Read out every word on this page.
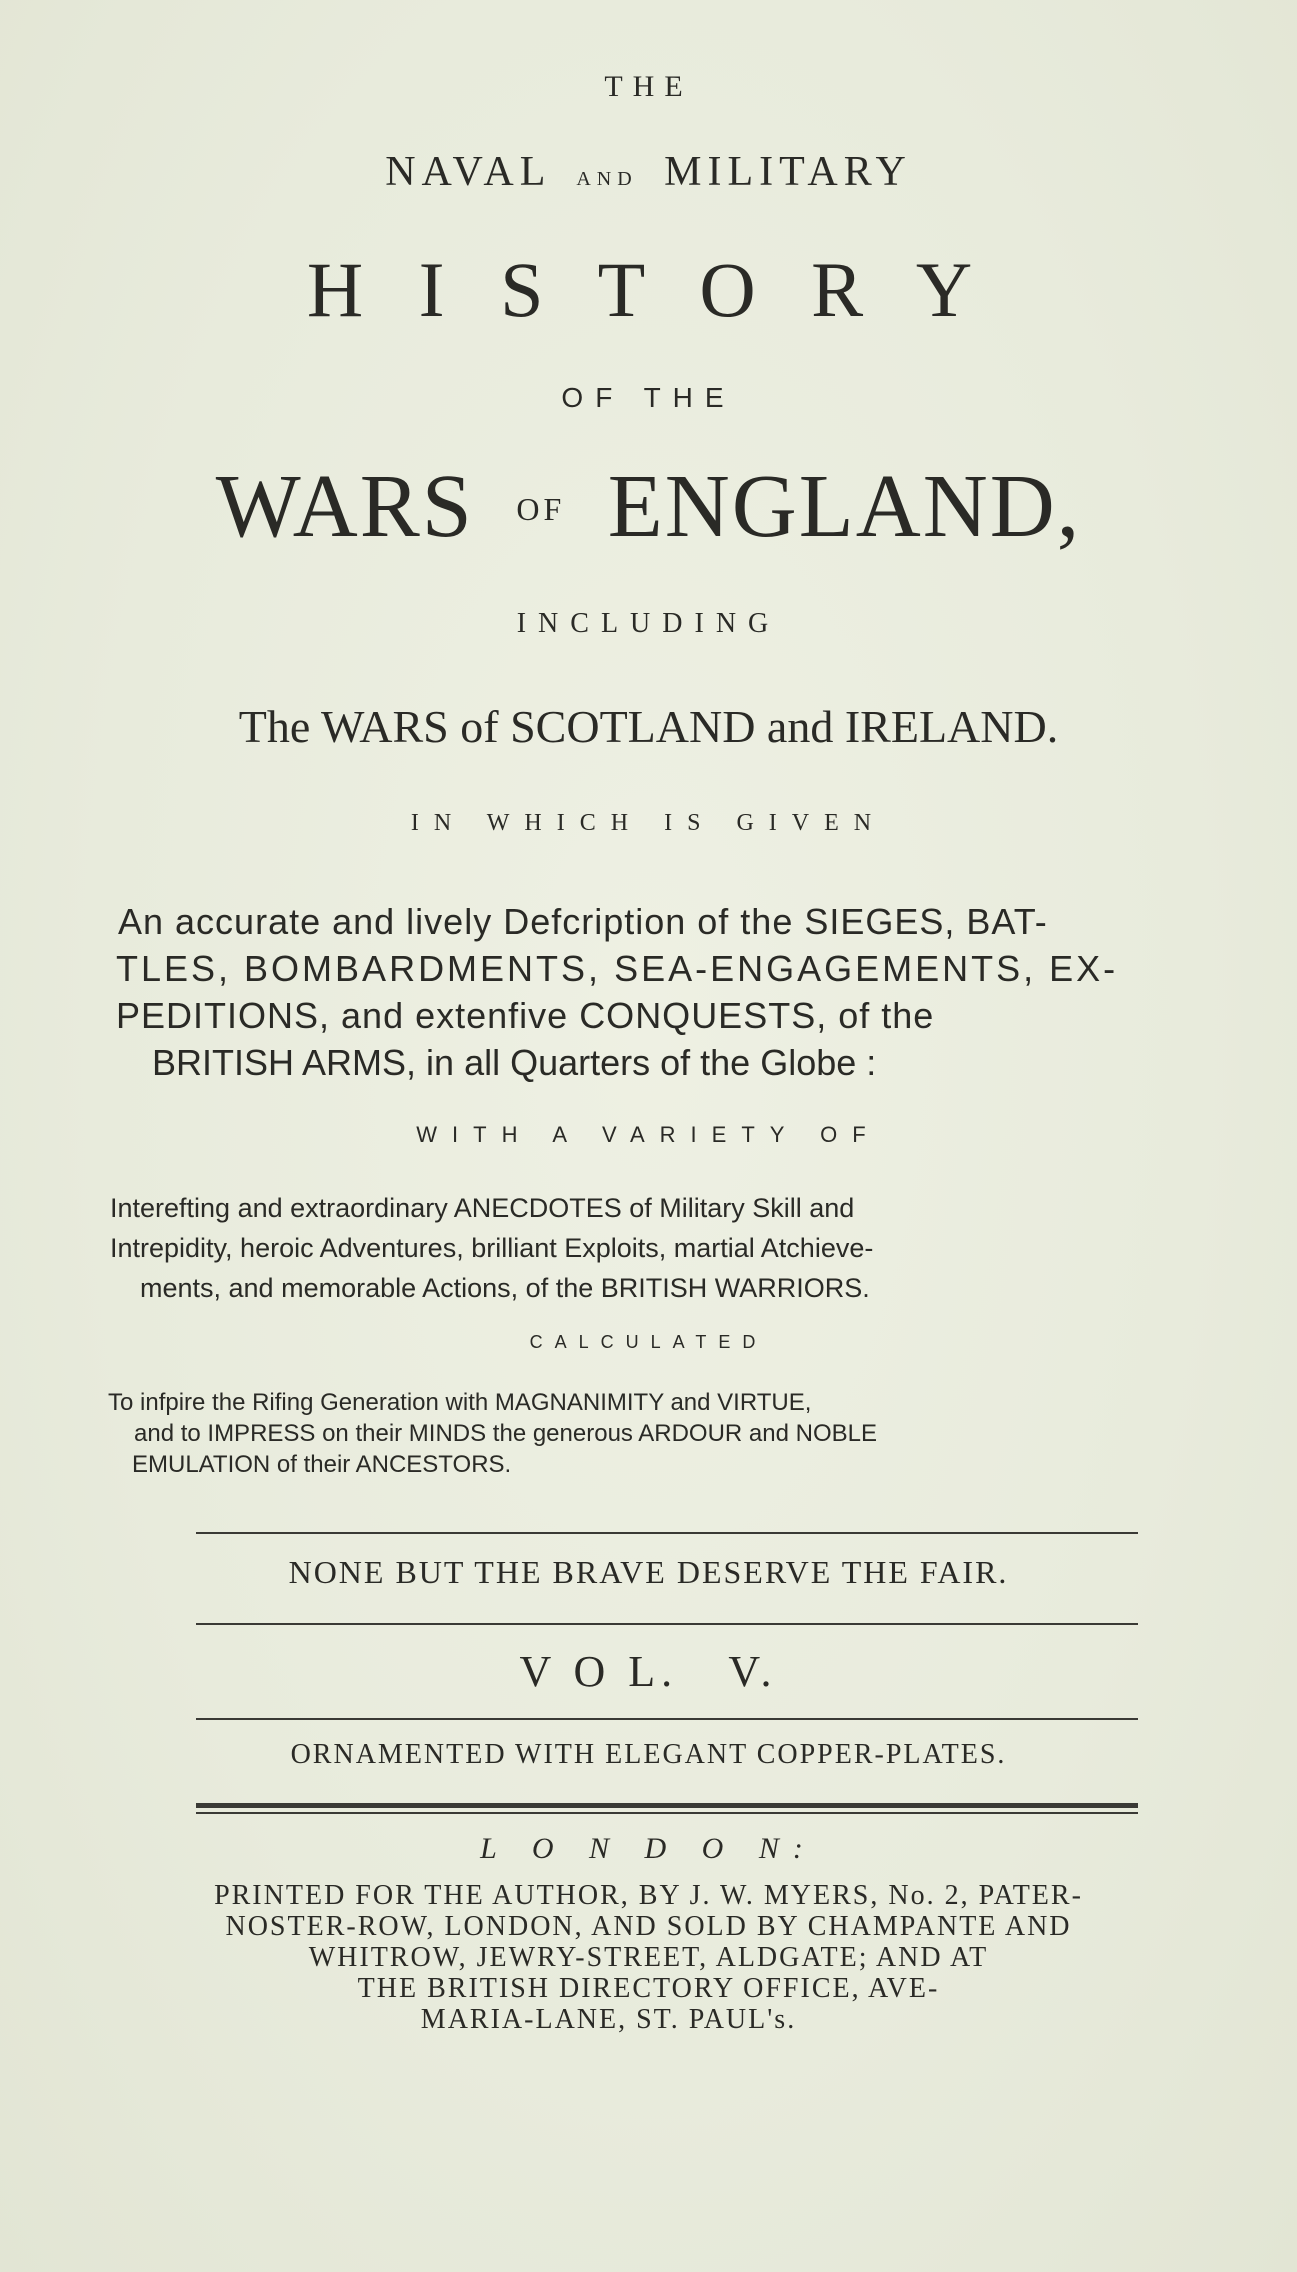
THE

NAVAL AND MILITARY

H I S T O R Y

OF THE

WARS OF ENGLAND,

INCLUDING

The WARS of SCOTLAND and IRELAND.

IN WHICH IS GIVEN

An accurate and lively Defcription of the SIEGES, BAT-

TLES, BOMBARDMENTS, SEA-ENGAGEMENTS, EX-

PEDITIONS, and extenfive CONQUESTS, of the

BRITISH ARMS, in all Quarters of the Globe :

WITH A VARIETY OF

Interefting and extraordinary ANECDOTES of Military Skill and

Intrepidity, heroic Adventures, brilliant Exploits, martial Atchieve-

ments, and memorable Actions, of the BRITISH WARRIORS.

CALCULATED

To infpire the Rifing Generation with MAGNANIMITY and VIRTUE,

and to IMPRESS on their MINDS the generous ARDOUR and NOBLE

EMULATION of their ANCESTORS.

NONE BUT THE BRAVE DESERVE THE FAIR.

V O L.   V.

ORNAMENTED WITH ELEGANT COPPER-PLATES.

L O N D O N:

PRINTED FOR THE AUTHOR, BY J. W. MYERS, No. 2, PATER-

NOSTER-ROW, LONDON, AND SOLD BY CHAMPANTE AND

WHITROW, JEWRY-STREET, ALDGATE; AND AT

THE BRITISH DIRECTORY OFFICE, AVE-

MARIA-LANE, ST. PAUL's.
